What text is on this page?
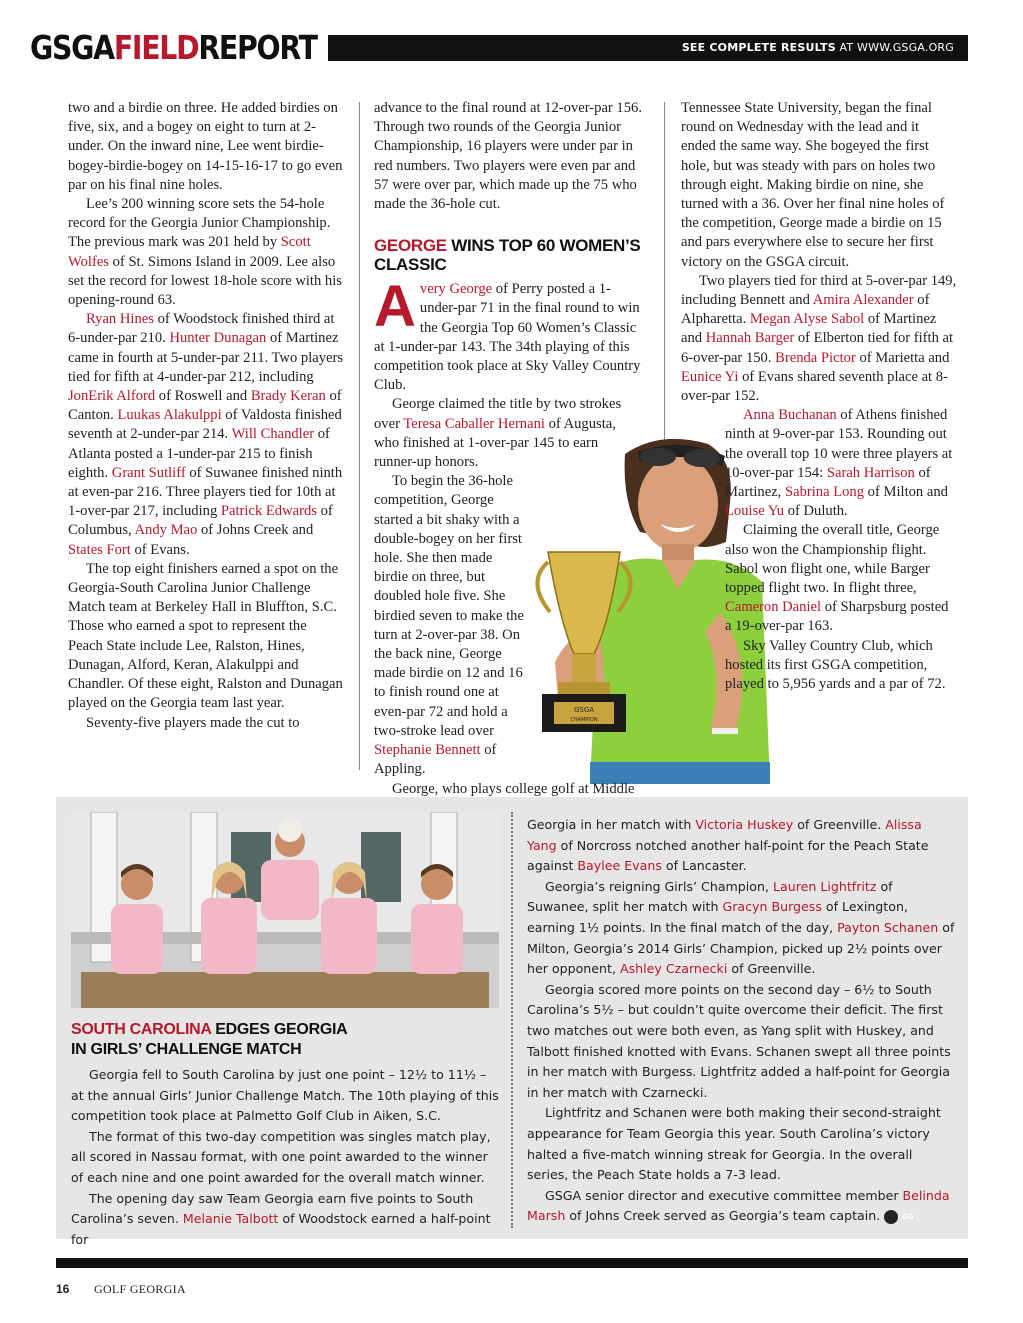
GSGAFIELDREPORT	SEE COMPLETE RESULTS AT WWW.GSGA.ORG

two and a birdie on three. He added birdies on five, six, and a bogey on eight to turn at 2-under. On the inward nine, Lee went birdie-bogey-birdie-bogey on 14-15-16-17 to go even par on his final nine holes.

Lee’s 200 winning score sets the 54-hole record for the Georgia Junior Championship. The previous mark was 201 held by Scott Wolfes of St. Simons Island in 2009. Lee also set the record for lowest 18-hole score with his opening-round 63.

Ryan Hines of Woodstock finished third at 6-under-par 210. Hunter Dunagan of Martinez came in fourth at 5-under-par 211. Two players tied for fifth at 4-under-par 212, including JonErik Alford of Roswell and Brady Keran of Canton. Luukas Alakulppi of Valdosta finished seventh at 2-under-par 214. Will Chandler of Atlanta posted a 1-under-par 215 to finish eighth. Grant Sutliff of Suwanee finished ninth at even-par 216. Three players tied for 10th at 1-over-par 217, including Patrick Edwards of Columbus, Andy Mao of Johns Creek and States Fort of Evans.

The top eight finishers earned a spot on the Georgia-South Carolina Junior Challenge Match team at Berkeley Hall in Bluffton, S.C. Those who earned a spot to represent the Peach State include Lee, Ralston, Hines, Dunagan, Alford, Keran, Alakulppi and Chandler. Of these eight, Ralston and Dunagan played on the Georgia team last year.

Seventy-five players made the cut to

GSGA
CHAMPION

advance to the final round at 12-over-par 156. Through two rounds of the Georgia Junior Championship, 16 players were under par in red numbers. Two players were even par and 57 were over par, which made up the 75 who made the 36-hole cut.

GEORGE WINS TOP 60 WOMEN’S CLASSIC

Avery George of Perry posted a 1-under-par 71 in the final round to win the Georgia Top 60 Women’s Classic at 1-under-par 143. The 34th playing of this competition took place at Sky Valley Country Club.

George claimed the title by two strokes over Teresa Caballer Hernani of Augusta, who finished at 1-over-par 145 to earn runner-up honors.

To begin the 36-hole competition, George started a bit shaky with a double-bogey on her first hole. She then made birdie on three, but doubled hole five. She birdied seven to make the turn at 2-over-par 38. On the back nine, George made birdie on 12 and 16 to finish round one at even-par 72 and hold a two-stroke lead over Stephanie Bennett of Appling.

George, who plays college golf at Middle

Tennessee State University, began the final round on Wednesday with the lead and it ended the same way. She bogeyed the first hole, but was steady with pars on holes two through eight. Making birdie on nine, she turned with a 36. Over her final nine holes of the competition, George made a birdie on 15 and pars everywhere else to secure her first victory on the GSGA circuit.

Two players tied for third at 5-over-par 149, including Bennett and Amira Alexander of Alpharetta. Megan Alyse Sabol of Martinez and Hannah Barger of Elberton tied for fifth at 6-over-par 150. Brenda Pictor of Marietta and Eunice Yi of Evans shared seventh place at 8-over-par 152.

Anna Buchanan of Athens finished ninth at 9-over-par 153. Rounding out the overall top 10 were three players at 10-over-par 154: Sarah Harrison of Martinez, Sabrina Long of Milton and Louise Yu of Duluth.

Claiming the overall title, George also won the Championship flight. Sabol won flight one, while Barger topped flight two. In flight three, Cameron Daniel of Sharpsburg posted a 19-over-par 163.

Sky Valley Country Club, which hosted its first GSGA competition, played to 5,956 yards and a par of 72.

SOUTH CAROLINA EDGES GEORGIA
IN GIRLS’ CHALLENGE MATCH

Georgia fell to South Carolina by just one point – 12½ to 11½ – at the annual Girls’ Junior Challenge Match. The 10th playing of this competition took place at Palmetto Golf Club in Aiken, S.C.

The format of this two-day competition was singles match play, all scored in Nassau format, with one point awarded to the winner of each nine and one point awarded for the overall match winner.

The opening day saw Team Georgia earn five points to South Carolina’s seven. Melanie Talbott of Woodstock earned a half-point for

Georgia in her match with Victoria Huskey of Greenville. Alissa Yang of Norcross notched another half-point for the Peach State against Baylee Evans of Lancaster.

Georgia’s reigning Girls’ Champion, Lauren Lightfritz of Suwanee, split her match with Gracyn Burgess of Lexington, earning 1½ points. In the final match of the day, Payton Schanen of Milton, Georgia’s 2014 Girls’ Champion, picked up 2½ points over her opponent, Ashley Czarnecki of Greenville.

Georgia scored more points on the second day – 6½ to South Carolina’s 5½ – but couldn’t quite overcome their deficit. The first two matches out were both even, as Yang split with Huskey, and Talbott finished knotted with Evans. Schanen swept all three points in her match with Burgess. Lightfritz added a half-point for Georgia in her match with Czarnecki.

Lightfritz and Schanen were both making their second-straight appearance for Team Georgia this year. South Carolina’s victory halted a five-match winning streak for Georgia. In the overall series, the Peach State holds a 7-3 lead.

GSGA senior director and executive committee member Belinda Marsh of Johns Creek served as Georgia’s team captain.	GG

16 GOLF GEORGIA
